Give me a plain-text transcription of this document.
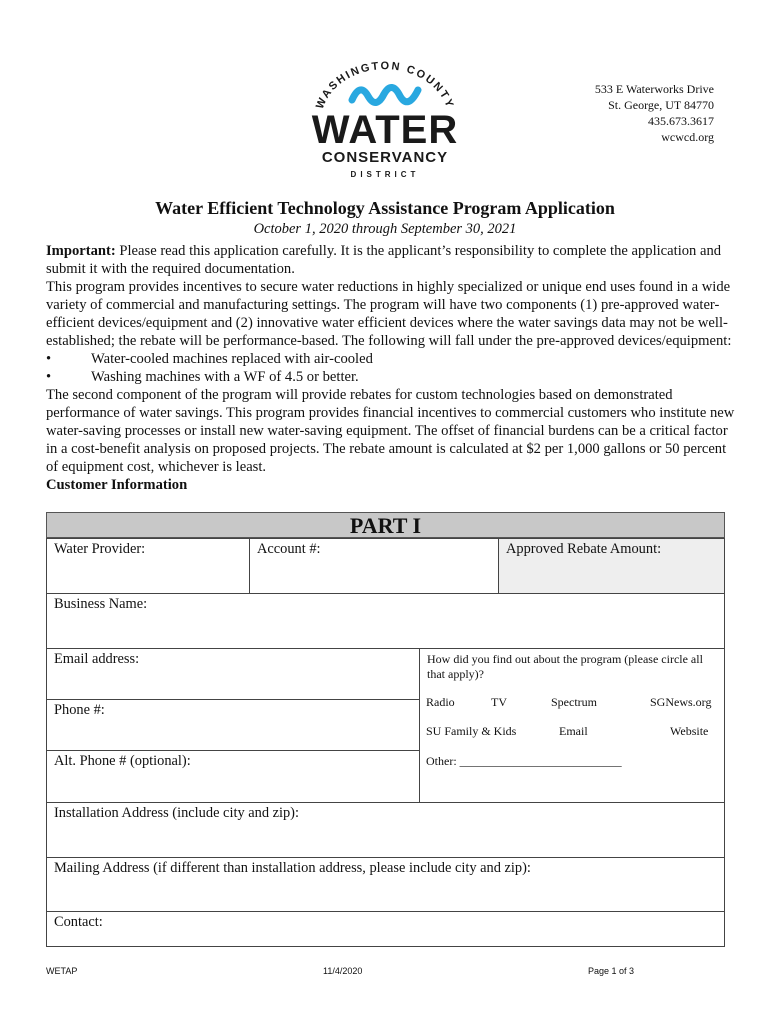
WASHINGTON COUNTY
WATER
CONSERVANCY
DISTRICT
533 E Waterworks Drive
St. George, UT 84770
435.673.3617
wcwcd.org
Water Efficient Technology Assistance Program Application
October 1, 2020 through September 30, 2021

Important: Please read this application carefully. It is the applicant’s responsibility to complete the application and submit it with the required documentation.

This program provides incentives to secure water reductions in highly specialized or unique end uses found in a wide variety of commercial and manufacturing settings. The program will have two components (1) pre-approved water-efficient devices/equipment and (2) innovative water efficient devices where the water savings data may not be well-established; the rebate will be performance-based. The following will fall under the pre-approved devices/equipment:

•	Water-cooled machines replaced with air-cooled
•	Washing machines with a WF of 4.5 or better.

The second component of the program will provide rebates for custom technologies based on demonstrated performance of water savings. This program provides financial incentives to commercial customers who institute new water-saving processes or install new water-saving equipment. The offset of financial burdens can be a critical factor in a cost-benefit analysis on proposed projects. The rebate amount is calculated at $2 per 1,000 gallons or 50 percent of equipment cost, whichever is least.

Customer Information

PART I
Water Provider:	Account #:	Approved Rebate Amount:
Business Name:
Email address:
Phone #:
Alt. Phone # (optional):
How did you find out about the program (please circle all that apply)?
Radio	TV	Spectrum	SGNews.org
SU Family & Kids	Email	Website
Other: ___________________________
Installation Address (include city and zip):
Mailing Address (if different than installation address, please include city and zip):
Contact:
WETAP	11/4/2020	Page 1 of 3
